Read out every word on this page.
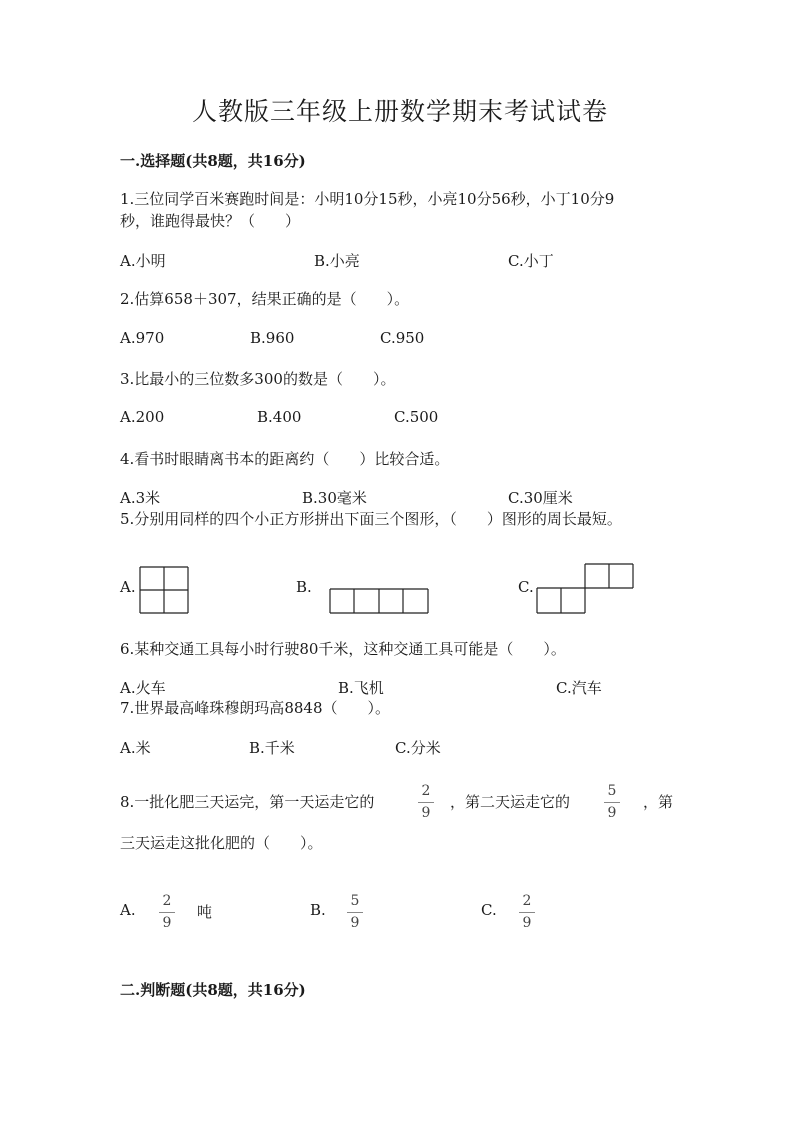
人教版三年级上册数学期末考试试卷
一.选择题(共8题，共16分)
1.三位同学百米赛跑时间是：小明10分15秒，小亮10分56秒，小丁10分9
秒，谁跑得最快？（　　）
A.小明	B.小亮	C.小丁
2.估算658＋307，结果正确的是（　　）。
A.970	B.960	C.950
3.比最小的三位数多300的数是（　　）。
A.200	B.400	C.500
4.看书时眼睛离书本的距离约（　　）比较合适。
A.3米	B.30毫米	C.30厘米
5.分别用同样的四个小正方形拼出下面三个图形，（　　）图形的周长最短。
A.	B.	C.
6.某种交通工具每小时行驶80千米，这种交通工具可能是（　　）。
A.火车	B.飞机	C.汽车
7.世界最高峰珠穆朗玛高8848（　　）。
A.米	B.千米	C.分米
8.一批化肥三天运完，第一天运走它的
2
9
，第二天运走它的
5
9
，第
三天运走这批化肥的（　　）。
A.	2
9
吨	B.	5
9
C.	2
9
二.判断题(共8题，共16分)
